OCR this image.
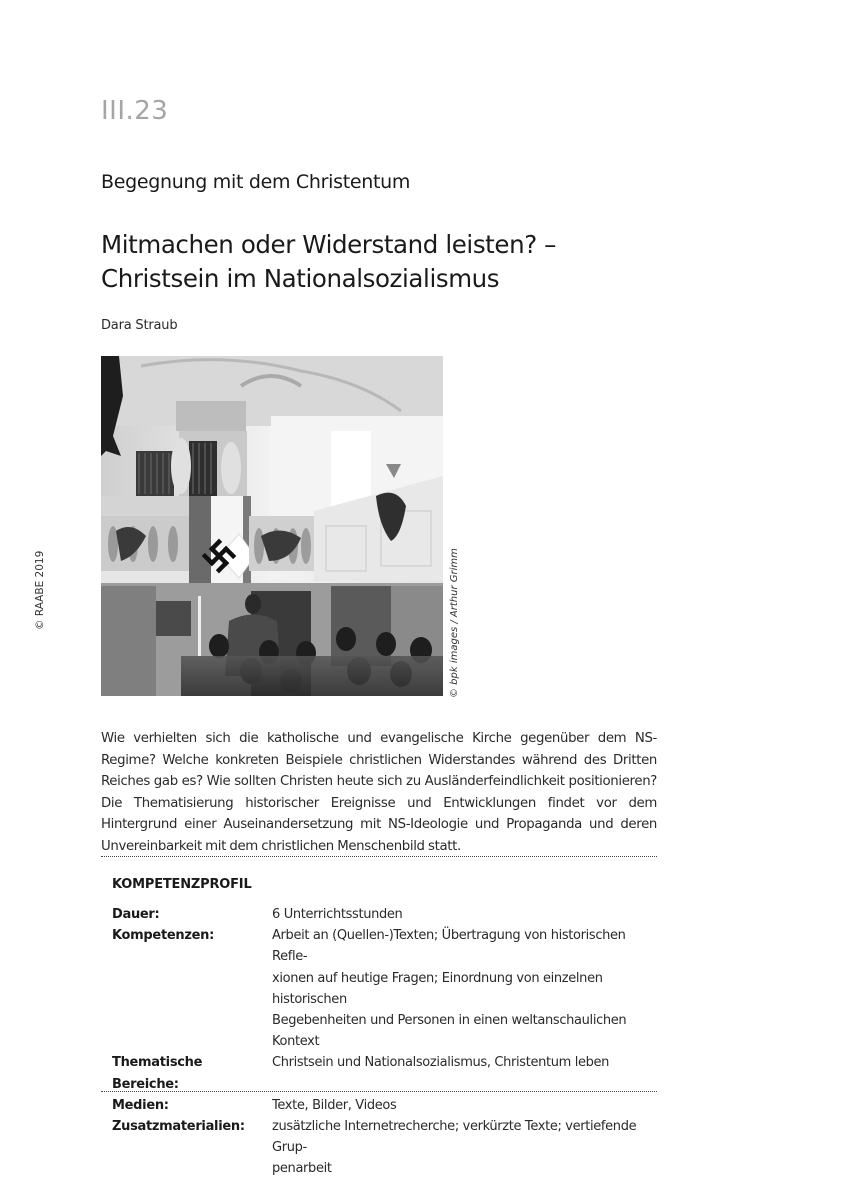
III.23
Begegnung mit dem Christentum
Mitmachen oder Widerstand leisten? –
Christsein im Nationalsozialismus
Dara Straub
© RAABE 2019	© bpk images / Arthur Grimm

Wie verhielten sich die katholische und evangelische Kirche gegenüber dem NS-Regime? Welche konkreten Beispiele christlichen Widerstandes während des Dritten Reiches gab es? Wie sollten Christen heute sich zu Ausländerfeindlichkeit positionieren? Die Thematisierung historischer Ereignisse und Entwicklungen findet vor dem Hintergrund einer Auseinandersetzung mit NS-Ideologie und Propaganda und deren Unvereinbarkeit mit dem christlichen Menschenbild statt.

KOMPETENZPROFIL
Dauer:	6 Unterrichtsstunden
Kompetenzen:	Arbeit an (Quellen-)Texten; Übertragung von historischen Refle-
xionen auf heutige Fragen; Einordnung von einzelnen historischen
Begebenheiten und Personen in einen weltanschaulichen Kontext
Thematische Bereiche:
Christsein und Nationalsozialismus, Christentum leben
Medien:	Texte, Bilder, Videos
Zusatzmaterialien:	zusätzliche Internetrecherche; verkürzte Texte; vertiefende Grup-
penarbeit
